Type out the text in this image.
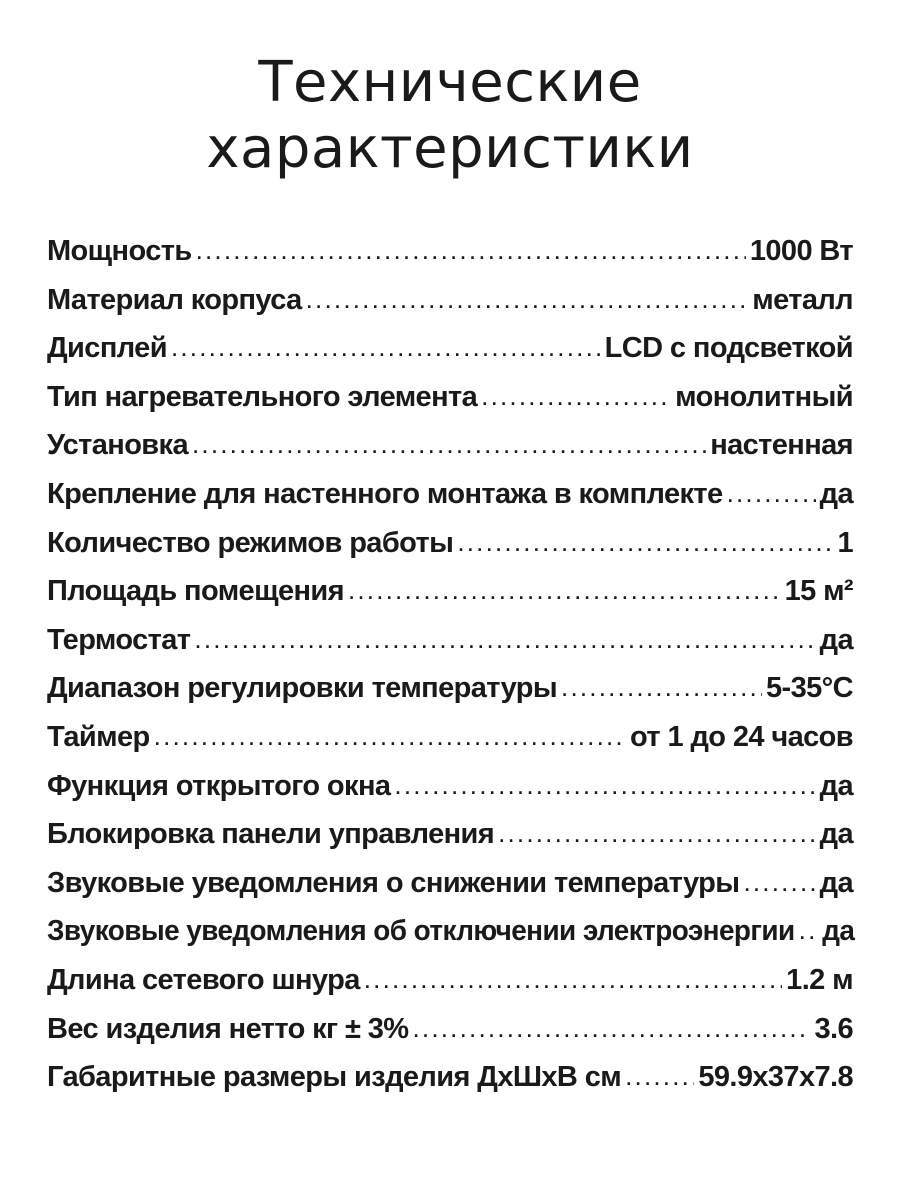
Технические
характеристики
Мощность .....	1000 Вт
Материал корпуса .....	металл
Дисплей .....	LCD с подсветкой
Тип нагревательного элемента .....	монолитный
Установка .....	настенная
Крепление для настенного монтажа в комплекте .....	да
Количество режимов работы .....	1
Площадь помещения .....	15 м²
Термостат .....	да
Диапазон регулировки температуры .....	5-35°C
Таймер .....	от 1 до 24 часов
Функция открытого окна .....	да
Блокировка панели управления .....	да
Звуковые уведомления о снижении температуры .....	да
Звуковые уведомления об отключении электроэнергии ..... да
Длина сетевого шнура .....	1.2 м
Вес изделия нетто кг ± 3% .....	3.6
Габаритные размеры изделия ДхШхВ см .....	59.9x37x7.8
